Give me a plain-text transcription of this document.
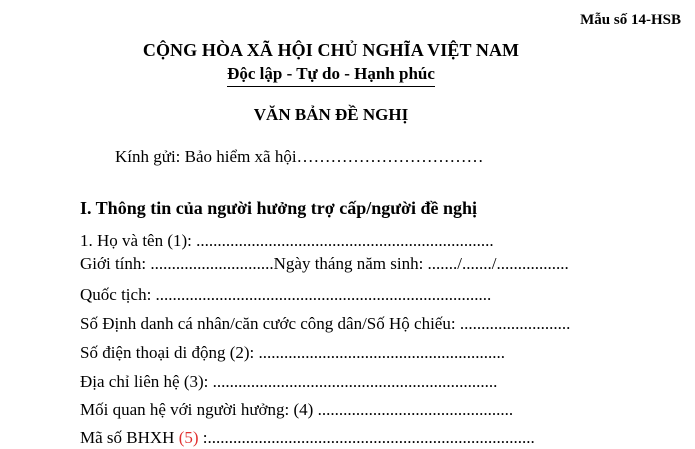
Mẫu số 14-HSB
CỘNG HÒA XÃ HỘI CHỦ NGHĨA VIỆT NAM
Độc lập - Tự do - Hạnh phúc
VĂN BẢN ĐỀ NGHỊ
Kính gửi: Bảo hiểm xã hội……………………………
I. Thông tin của người hưởng trợ cấp/người đề nghị
1. Họ và tên (1): ......................................................................
Giới tính: .............................Ngày tháng năm sinh: ......./......./.................
Quốc tịch: ...............................................................................
Số Định danh cá nhân/căn cước công dân/Số Hộ chiếu: ..........................
Số điện thoại di động (2): ..........................................................
Địa chỉ liên hệ (3): ...................................................................
Mối quan hệ với người hưởng: (4) ..............................................
Mã số BHXH (5) :.............................................................................
